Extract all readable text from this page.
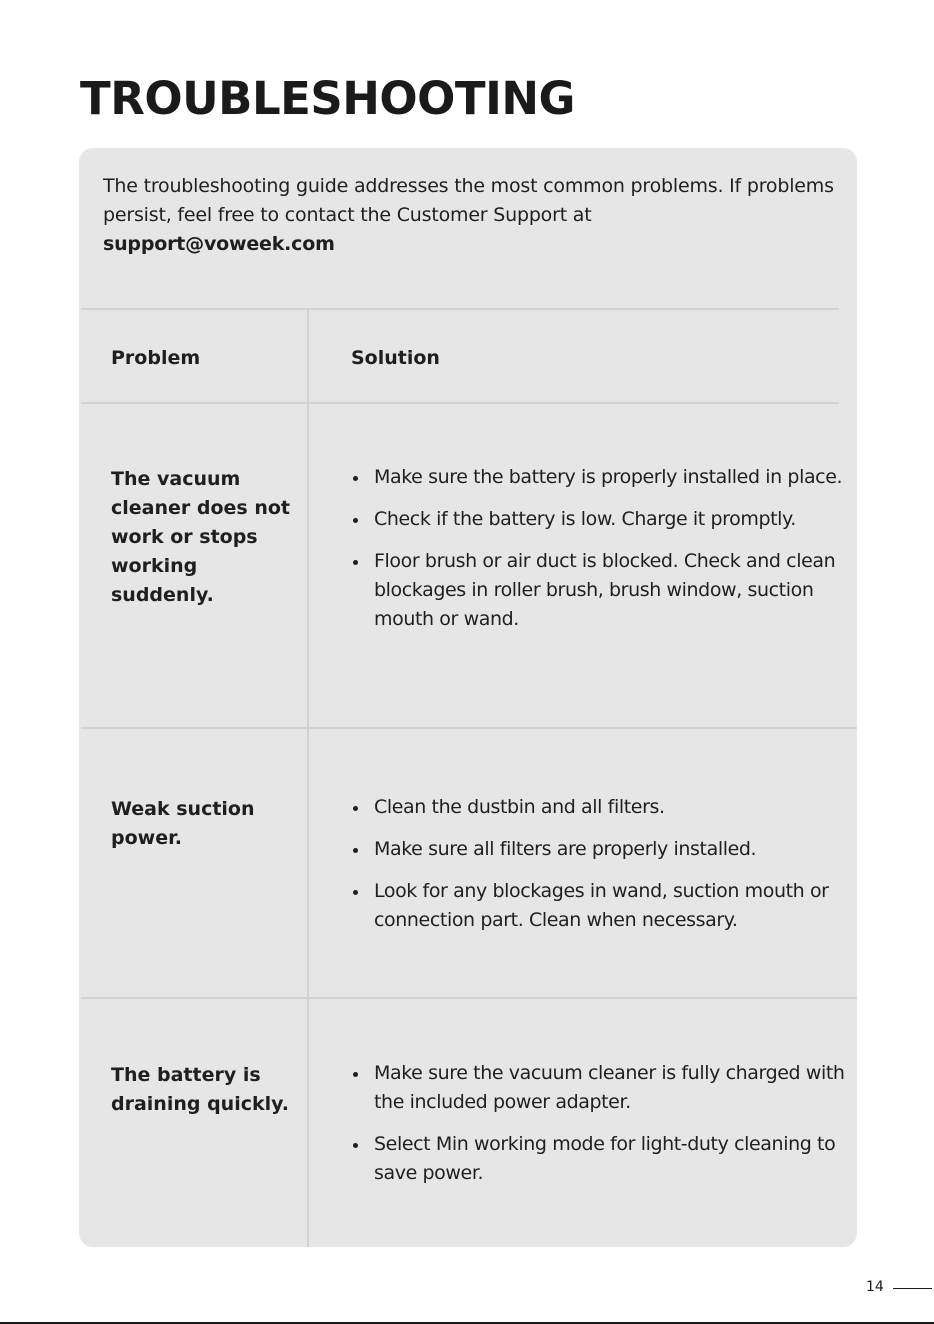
TROUBLESHOOTING

The troubleshooting guide addresses the most common problems. If problems persist, feel free to contact the Customer Support at
support@voweek.com

Problem	Solution
The vacuum cleaner does not work or stops working suddenly.
Make sure the battery is properly installed in place.
Check if the battery is low. Charge it promptly.
Floor brush or air duct is blocked. Check and clean blockages in roller brush, brush window, suction mouth or wand.
Weak suction power.
Clean the dustbin and all filters.
Make sure all filters are properly installed.
Look for any blockages in wand, suction mouth or connection part. Clean when necessary.
The battery is draining quickly.
Make sure the vacuum cleaner is fully charged with the included power adapter.
Select Min working mode for light-duty cleaning to save power.
14
